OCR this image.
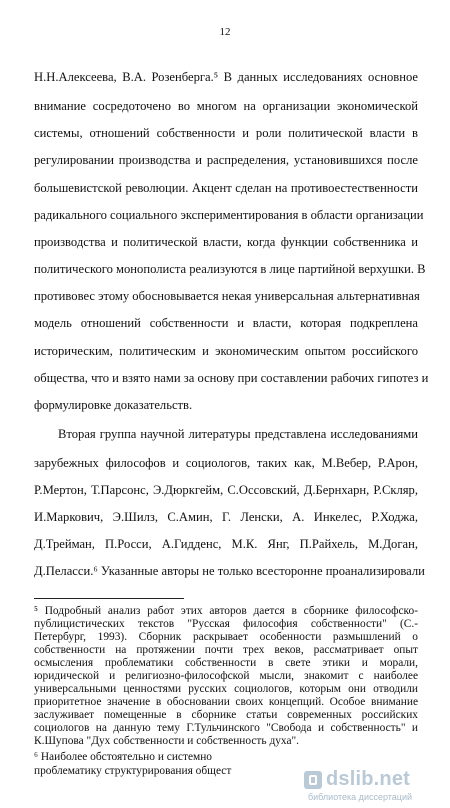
12
Н.Н.Алексеева, В.А. Розенберга.⁵ В данных исследованиях основное
внимание сосредоточено во многом на организации экономической
системы, отношений собственности и роли политической власти в
регулировании производства и распределения, установившихся после
большевистской революции. Акцент сделан на противоестественности
радикального социального экспериментирования в области организации
производства и политической власти, когда функции собственника и
политического монополиста реализуются в лице партийной верхушки. В
противовес этому обосновывается некая универсальная альтернативная
модель отношений собственности и власти, которая подкреплена
историческим, политическим и экономическим опытом российского
общества, что и взято нами за основу при составлении рабочих гипотез и
формулировке доказательств.
Вторая группа научной литературы представлена исследованиями
зарубежных философов и социологов, таких как, М.Вебер, Р.Арон,
Р.Мертон, Т.Парсонс, Э.Дюркгейм, С.Оссовский, Д.Бернхарн, Р.Скляр,
И.Маркович, Э.Шилз, С.Амин, Г. Ленски, А. Инкелес, Р.Ходжа,
Д.Трейман, П.Росси, А.Гидденс, М.К. Янг, П.Райхель, М.Доган,
Д.Пеласси.⁶ Указанные авторы не только всесторонне проанализировали
⁵ Подробный анализ работ этих авторов дается в сборнике философско-
публицистических текстов "Русская философия собственности" (С.-
Петербург, 1993). Сборник раскрывает особенности размышлений о
собственности на протяжении почти трех веков, рассматривает опыт
осмысления проблематики собственности в свете этики и морали,
юридической и религиозно-философской мысли, знакомит с наиболее
универсальными ценностями русских социологов, которым они отводили
приоритетное значение в обосновании своих концепций. Особое внимание
заслуживает помещенные в сборнике статьи современных российских
социологов на данную тему Г.Тульчинского "Свобода и собственность" и
К.Шупова "Дух собственности и собственность духа".
⁶ Наиболее обстоятельно и системно
проблематику структурирования общест	dslib.net
библиотека диссертаций
